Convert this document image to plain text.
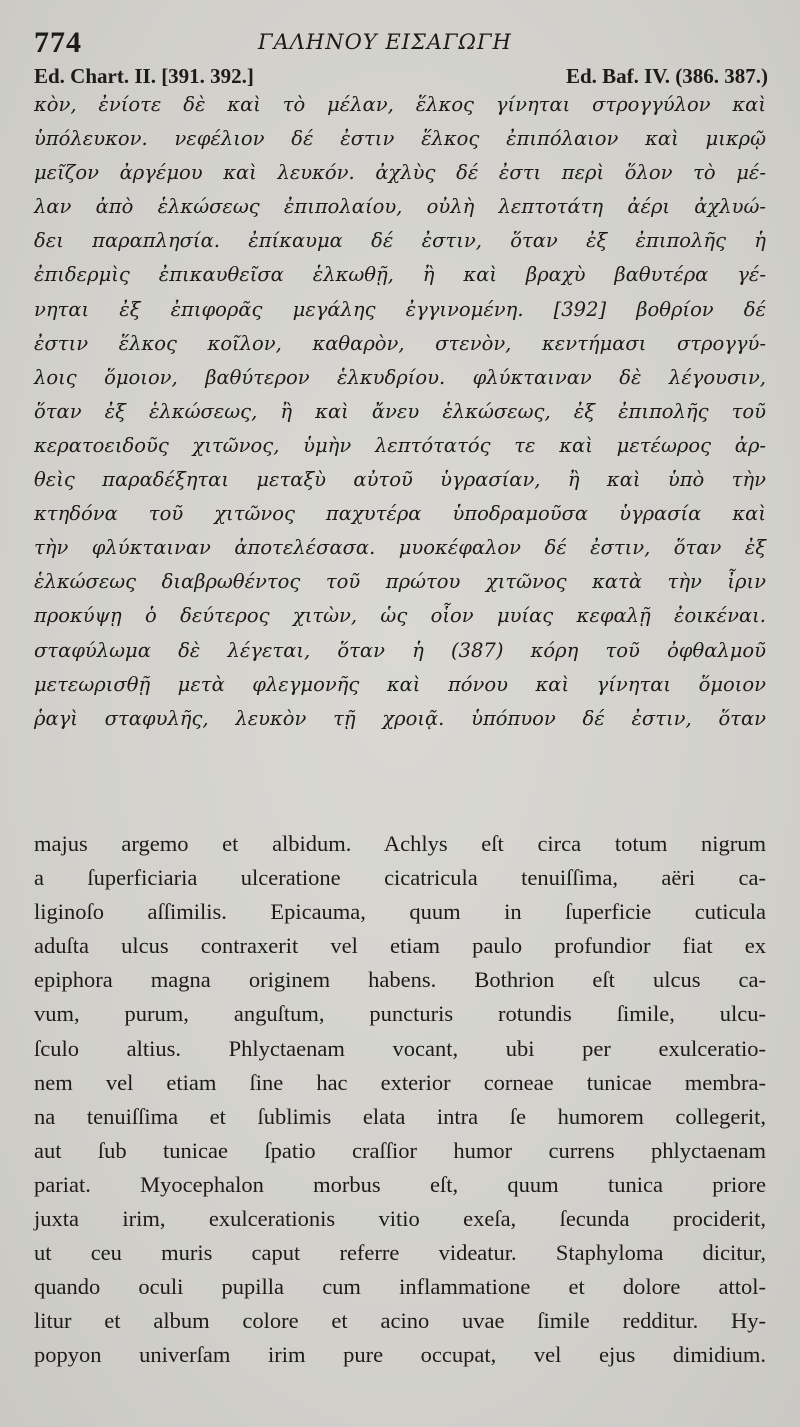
774	ΓΑΛΗΝΟΥ ΕΙΣΑΓΩΓΗ
Ed. Chart. II. [391. 392.]	Ed. Baf. IV. (386. 387.)
κὸν, ἐνίοτε δὲ καὶ τὸ μέλαν, ἕλκος γίνηται στρογγύλον καὶ
ὑπόλευκον. νεφέλιον δέ ἐστιν ἕλκος ἐπιπόλαιον καὶ μικρῷ
μεῖζον ἀργέμου καὶ λευκόν. ἀχλὺς δέ ἐστι περὶ ὅλον τὸ μέ-
λαν ἀπὸ ἑλκώσεως ἐπιπολαίου, οὐλὴ λεπτοτάτη ἀέρι ἀχλυώ-
δει παραπλησία. ἐπίκαυμα δέ ἐστιν, ὅταν ἐξ ἐπιπολῆς ἡ
ἐπιδερμὶς ἐπικαυθεῖσα ἑλκωθῇ, ἢ καὶ βραχὺ βαθυτέρα γέ-
νηται ἐξ ἐπιφορᾶς μεγάλης ἐγγινομένη. [392] βοθρίον δέ
ἐστιν ἕλκος κοῖλον, καθαρὸν, στενὸν, κεντήμασι στρογγύ-
λοις ὅμοιον, βαθύτερον ἑλκυδρίου. φλύκταιναν δὲ λέγουσιν,
ὅταν ἐξ ἑλκώσεως, ἢ καὶ ἄνευ ἑλκώσεως, ἐξ ἐπιπολῆς τοῦ
κερατοειδοῦς χιτῶνος, ὑμὴν λεπτότατός τε καὶ μετέωρος ἀρ-
θεὶς παραδέξηται μεταξὺ αὐτοῦ ὑγρασίαν, ἢ καὶ ὑπὸ τὴν
κτηδόνα τοῦ χιτῶνος παχυτέρα ὑποδραμοῦσα ὑγρασία καὶ
τὴν φλύκταιναν ἀποτελέσασα. μυοκέφαλον δέ ἐστιν, ὅταν ἐξ
ἑλκώσεως διαβρωθέντος τοῦ πρώτου χιτῶνος κατὰ τὴν ἶριν
προκύψῃ ὁ δεύτερος χιτὼν, ὡς οἷον μυίας κεφαλῇ ἐοικέναι.
σταφύλωμα δὲ λέγεται, ὅταν ἡ (387) κόρη τοῦ ὀφθαλμοῦ
μετεωρισθῇ μετὰ φλεγμονῆς καὶ πόνου καὶ γίνηται ὅμοιον
ῥαγὶ σταφυλῆς, λευκὸν τῇ χροιᾷ. ὑπόπυον δέ ἐστιν, ὅταν
majus argemo et albidum. Achlys eſt circa totum nigrum
a ſuperficiaria ulceratione cicatricula tenuiſſima, aëri ca-
liginoſo aſſimilis. Epicauma, quum in ſuperficie cuticula
aduſta ulcus contraxerit vel etiam paulo profundior fiat ex
epiphora magna originem habens. Bothrion eſt ulcus ca-
vum, purum, anguſtum, puncturis rotundis ſimile, ulcu-
ſculo altius. Phlyctaenam vocant, ubi per exulceratio-
nem vel etiam ſine hac exterior corneae tunicae membra-
na tenuiſſima et ſublimis elata intra ſe humorem collegerit,
aut ſub tunicae ſpatio craſſior humor currens phlyctaenam
pariat. Myocephalon morbus eſt, quum tunica priore
juxta irim, exulcerationis vitio exeſa, ſecunda prociderit,
ut ceu muris caput referre videatur. Staphyloma dicitur,
quando oculi pupilla cum inflammatione et dolore attol-
litur et album colore et acino uvae ſimile redditur. Hy-
popyon univerſam irim pure occupat, vel ejus dimidium.
